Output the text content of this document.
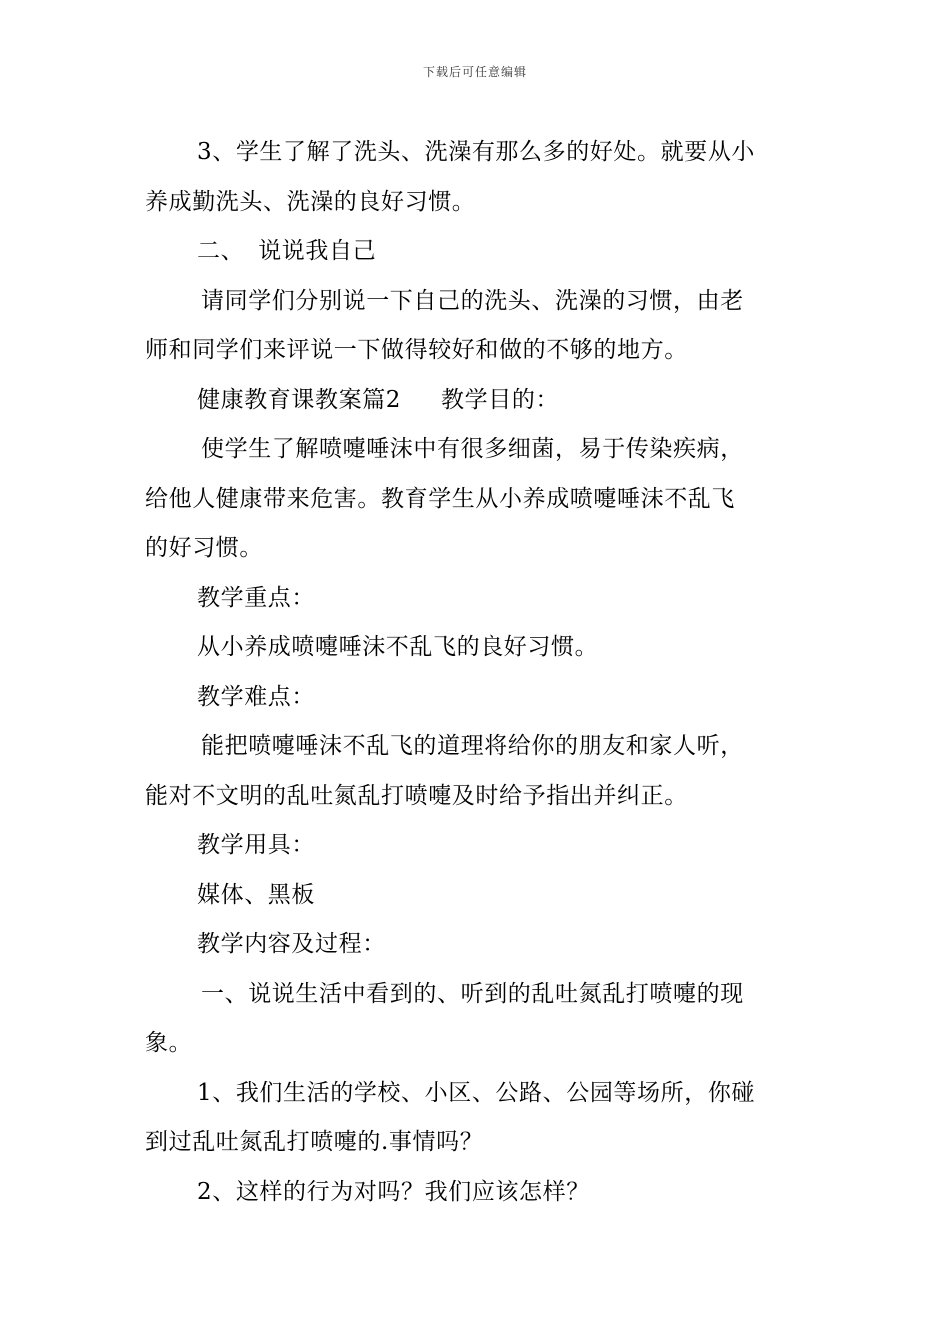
下载后可任意编辑

3、学生了解了洗头、洗澡有那么多的好处。就要从小

养成勤洗头、洗澡的良好习惯。

二、 说说我自己

请同学们分别说一下自己的洗头、洗澡的习惯，由老

师和同学们来评说一下做得较好和做的不够的地方。

健康教育课教案篇2 教学目的：

使学生了解喷嚏唾沫中有很多细菌，易于传染疾病，

给他人健康带来危害。教育学生从小养成喷嚏唾沫不乱飞

的好习惯。

教学重点：

从小养成喷嚏唾沫不乱飞的良好习惯。

教学难点：

能把喷嚏唾沫不乱飞的道理将给你的朋友和家人听，

能对不文明的乱吐氮乱打喷嚏及时给予指出并纠正。

教学用具：

媒体、黑板

教学内容及过程：

一、说说生活中看到的、听到的乱吐氮乱打喷嚏的现

象。

1、我们生活的学校、小区、公路、公园等场所，你碰

到过乱吐氮乱打喷嚏的.事情吗？

2、这样的行为对吗？我们应该怎样？
